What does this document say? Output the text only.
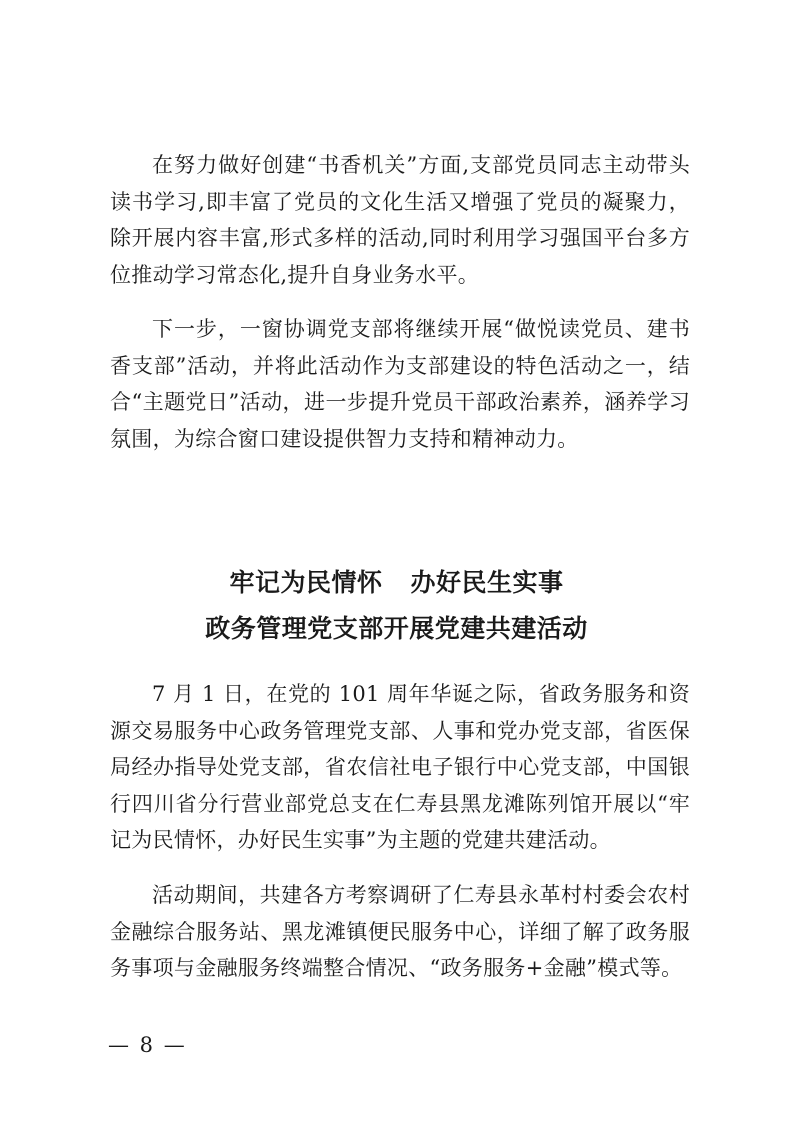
在努力做好创建“书香机关”方面,支部党员同志主动带头读书学习,即丰富了党员的文化生活又增强了党员的凝聚力，除开展内容丰富,形式多样的活动,同时利用学习强国平台多方位推动学习常态化,提升自身业务水平。

下一步，一窗协调党支部将继续开展“做悦读党员、建书香支部”活动，并将此活动作为支部建设的特色活动之一，结合“主题党日”活动，进一步提升党员干部政治素养，涵养学习氛围，为综合窗口建设提供智力支持和精神动力。

牢记为民情怀 办好民生实事
政务管理党支部开展党建共建活动

7 月 1 日，在党的 101 周年华诞之际，省政务服务和资源交易服务中心政务管理党支部、人事和党办党支部，省医保局经办指导处党支部，省农信社电子银行中心党支部，中国银行四川省分行营业部党总支在仁寿县黑龙滩陈列馆开展以“牢记为民情怀，办好民生实事”为主题的党建共建活动。

活动期间，共建各方考察调研了仁寿县永革村村委会农村金融综合服务站、黑龙滩镇便民服务中心，详细了解了政务服务事项与金融服务终端整合情况、“政务服务+金融”模式等。

— 8 —
